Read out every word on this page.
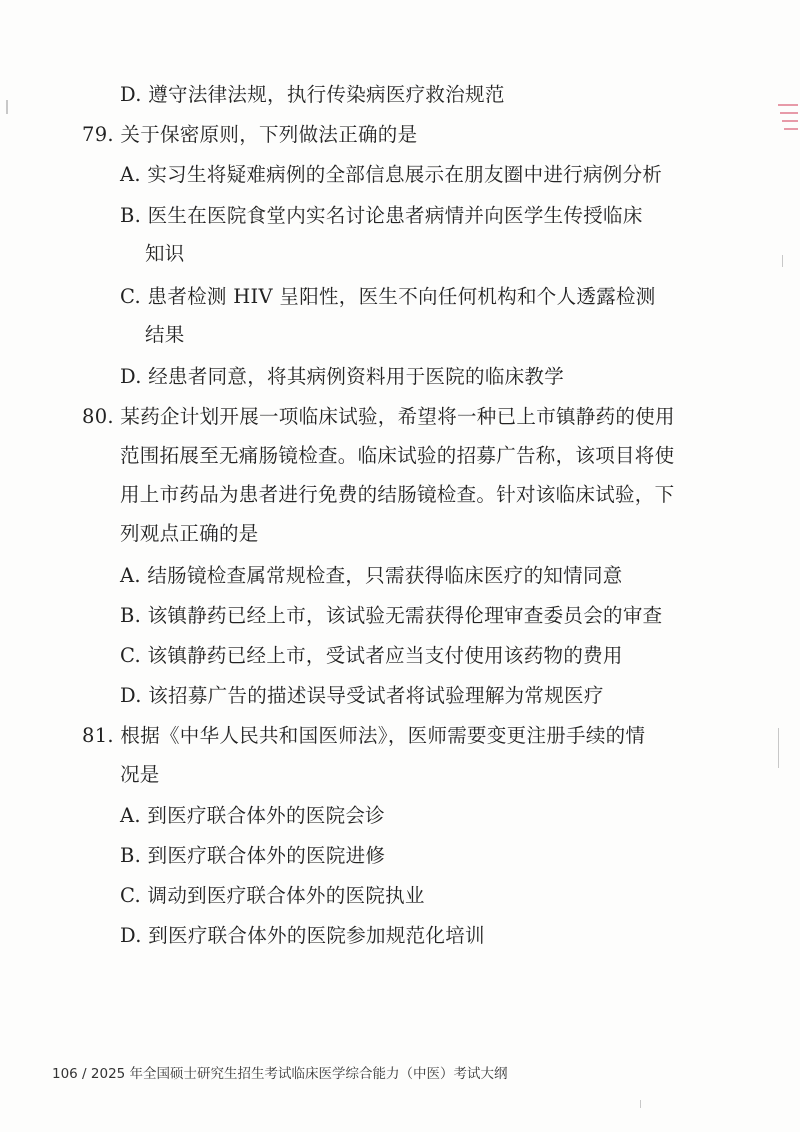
D. 遵守法律法规，执行传染病医疗救治规范
79. 关于保密原则，下列做法正确的是
A. 实习生将疑难病例的全部信息展示在朋友圈中进行病例分析
B. 医生在医院食堂内实名讨论患者病情并向医学生传授临床
知识
C. 患者检测 HIV 呈阳性，医生不向任何机构和个人透露检测
结果
D. 经患者同意，将其病例资料用于医院的临床教学
80. 某药企计划开展一项临床试验，希望将一种已上市镇静药的使用
范围拓展至无痛肠镜检查。临床试验的招募广告称，该项目将使
用上市药品为患者进行免费的结肠镜检查。针对该临床试验，下
列观点正确的是
A. 结肠镜检查属常规检查，只需获得临床医疗的知情同意
B. 该镇静药已经上市，该试验无需获得伦理审查委员会的审查
C. 该镇静药已经上市，受试者应当支付使用该药物的费用
D. 该招募广告的描述误导受试者将试验理解为常规医疗
81. 根据《中华人民共和国医师法》，医师需要变更注册手续的情
况是
A. 到医疗联合体外的医院会诊
B. 到医疗联合体外的医院进修
C. 调动到医疗联合体外的医院执业
D. 到医疗联合体外的医院参加规范化培训
106 / 2025 年全国硕士研究生招生考试临床医学综合能力（中医）考试大纲
